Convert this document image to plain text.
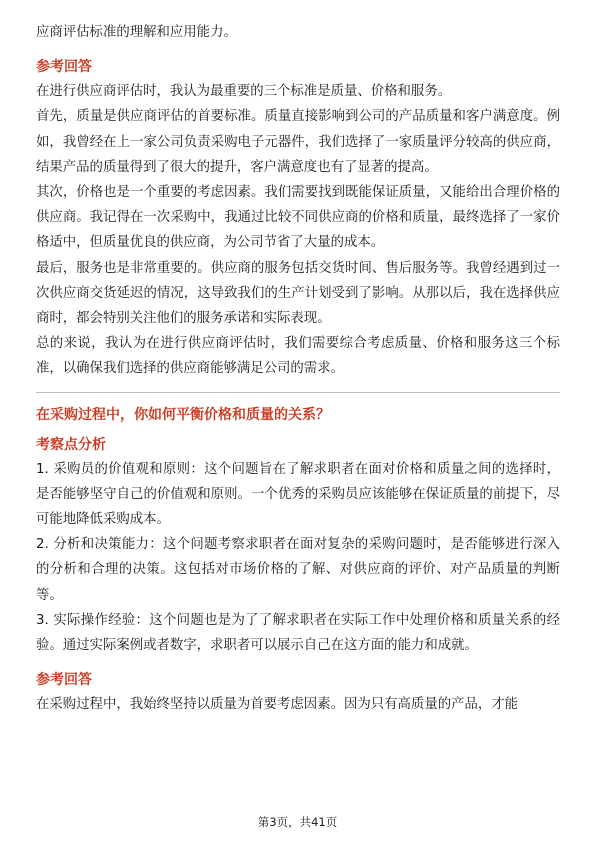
应商评估标准的理解和应用能力。

参考回答

在进行供应商评估时，我认为最重要的三个标准是质量、价格和服务。

首先，质量是供应商评估的首要标准。质量直接影响到公司的产品质量和客户满意度。例如，我曾经在上一家公司负责采购电子元器件，我们选择了一家质量评分较高的供应商，结果产品的质量得到了很大的提升，客户满意度也有了显著的提高。

其次，价格也是一个重要的考虑因素。我们需要找到既能保证质量，又能给出合理价格的供应商。我记得在一次采购中，我通过比较不同供应商的价格和质量，最终选择了一家价格适中，但质量优良的供应商，为公司节省了大量的成本。

最后，服务也是非常重要的。供应商的服务包括交货时间、售后服务等。我曾经遇到过一次供应商交货延迟的情况，这导致我们的生产计划受到了影响。从那以后，我在选择供应商时，都会特别关注他们的服务承诺和实际表现。

总的来说，我认为在进行供应商评估时，我们需要综合考虑质量、价格和服务这三个标准，以确保我们选择的供应商能够满足公司的需求。

在采购过程中，你如何平衡价格和质量的关系？

考察点分析

1. 采购员的价值观和原则：这个问题旨在了解求职者在面对价格和质量之间的选择时，是否能够坚守自己的价值观和原则。一个优秀的采购员应该能够在保证质量的前提下，尽可能地降低采购成本。

2. 分析和决策能力：这个问题考察求职者在面对复杂的采购问题时，是否能够进行深入的分析和合理的决策。这包括对市场价格的了解、对供应商的评价、对产品质量的判断等。

3. 实际操作经验：这个问题也是为了了解求职者在实际工作中处理价格和质量关系的经验。通过实际案例或者数字，求职者可以展示自己在这方面的能力和成就。

参考回答

在采购过程中，我始终坚持以质量为首要考虑因素。因为只有高质量的产品，才能

第3页，共41页
